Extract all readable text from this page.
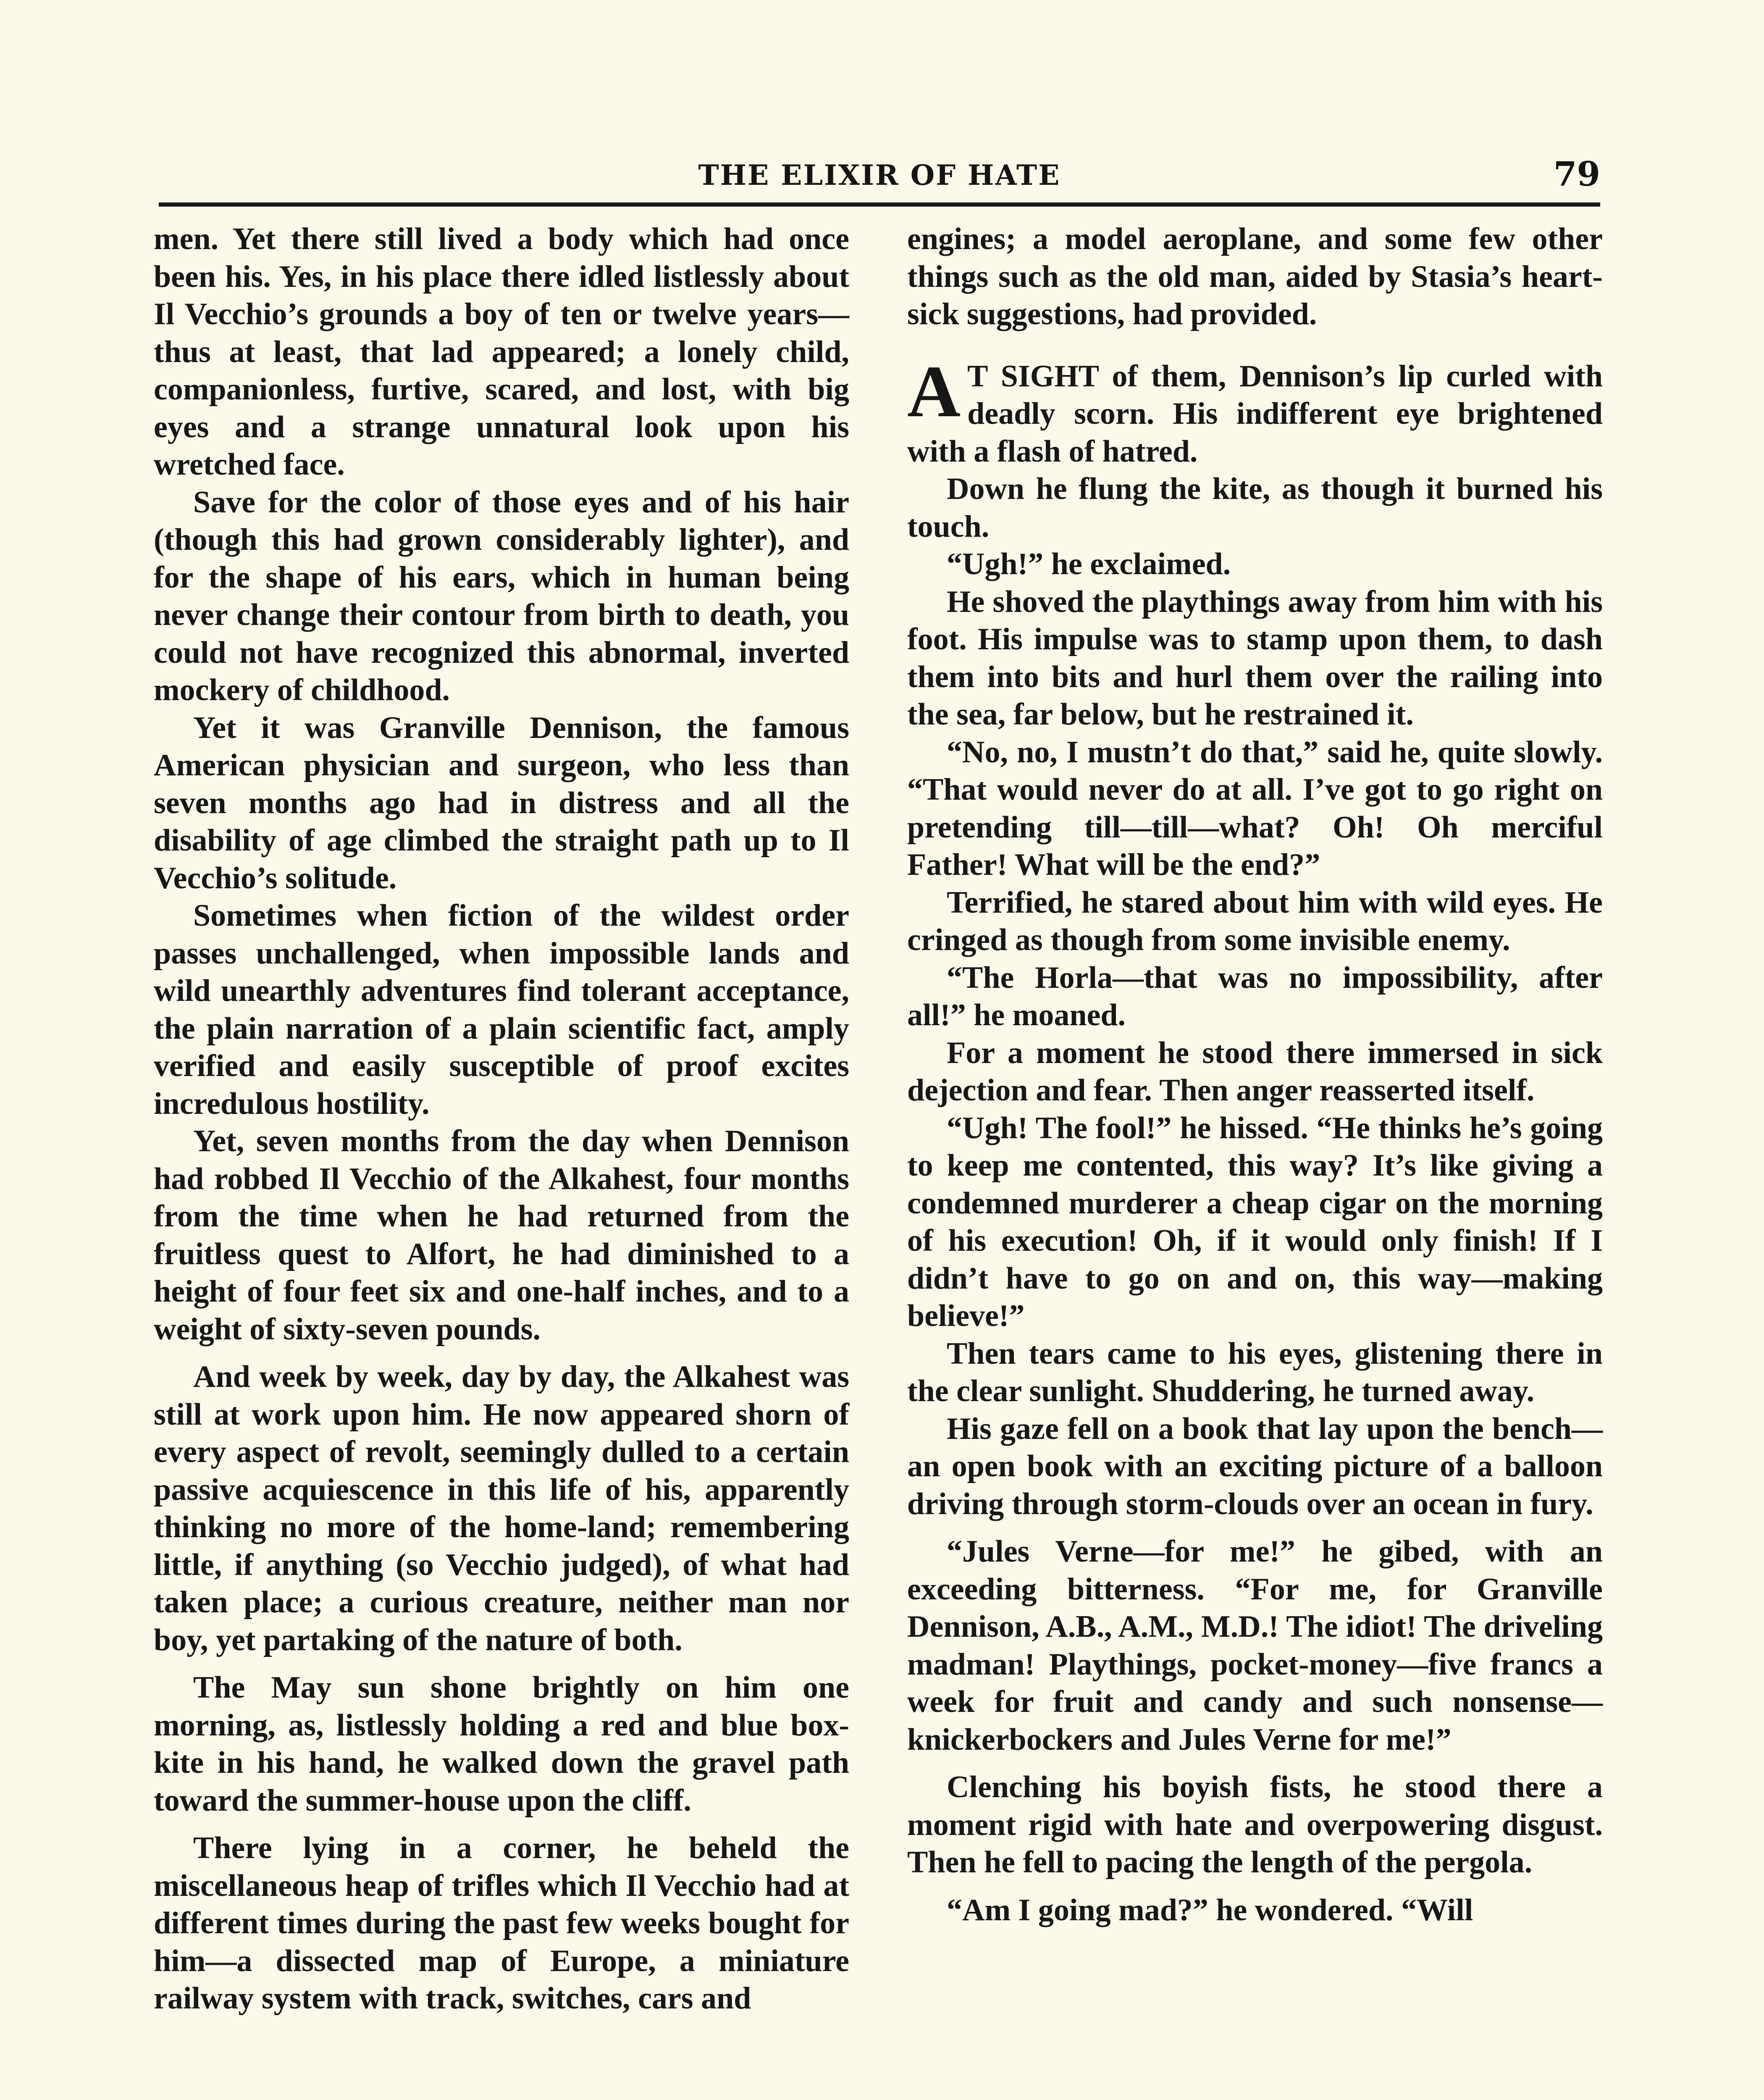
THE ELIXIR OF HATE	79

men. Yet there still lived a body which had once been his. Yes, in his place there idled listlessly about Il Vecchio’s grounds a boy of ten or twelve years—thus at least, that lad appeared; a lonely child, companionless, furtive, scared, and lost, with big eyes and a strange unnatural look upon his wretched face.

Save for the color of those eyes and of his hair (though this had grown considerably lighter), and for the shape of his ears, which in human being never change their contour from birth to death, you could not have recognized this abnormal, inverted mockery of childhood.

Yet it was Granville Dennison, the famous American physician and surgeon, who less than seven months ago had in distress and all the disability of age climbed the straight path up to Il Vecchio’s solitude.

Sometimes when fiction of the wildest order passes unchallenged, when impossible lands and wild unearthly adventures find tolerant acceptance, the plain narration of a plain scientific fact, amply verified and easily susceptible of proof excites incredulous hostility.

Yet, seven months from the day when Dennison had robbed Il Vecchio of the Alkahest, four months from the time when he had returned from the fruitless quest to Alfort, he had diminished to a height of four feet six and one-half inches, and to a weight of sixty-seven pounds.

And week by week, day by day, the Alkahest was still at work upon him. He now appeared shorn of every aspect of revolt, seemingly dulled to a certain passive acquiescence in this life of his, apparently thinking no more of the home-land; remembering little, if anything (so Vecchio judged), of what had taken place; a curious creature, neither man nor boy, yet partaking of the nature of both.

The May sun shone brightly on him one morning, as, listlessly holding a red and blue box-kite in his hand, he walked down the gravel path toward the summer-house upon the cliff.

There lying in a corner, he beheld the miscellaneous heap of trifles which Il Vecchio had at different times during the past few weeks bought for him—a dissected map of Europe, a miniature railway system with track, switches, cars and

engines; a model aeroplane, and some few other things such as the old man, aided by Stasia’s heart-sick suggestions, had provided.

A T SIGHT of them, Dennison’s lip curled with deadly scorn. His indifferent eye brightened with a flash of hatred.

Down he flung the kite, as though it burned his touch.

“Ugh!” he exclaimed.

He shoved the playthings away from him with his foot. His impulse was to stamp upon them, to dash them into bits and hurl them over the railing into the sea, far below, but he restrained it.

“No, no, I mustn’t do that,” said he, quite slowly. “That would never do at all. I’ve got to go right on pretending till—till—what? Oh! Oh merciful Father! What will be the end?”

Terrified, he stared about him with wild eyes. He cringed as though from some invisible enemy.

“The Horla—that was no impossibility, after all!” he moaned.

For a moment he stood there immersed in sick dejection and fear. Then anger reasserted itself.

“Ugh! The fool!” he hissed. “He thinks he’s going to keep me contented, this way? It’s like giving a condemned murderer a cheap cigar on the morning of his execution! Oh, if it would only finish! If I didn’t have to go on and on, this way—making believe!”

Then tears came to his eyes, glistening there in the clear sunlight. Shuddering, he turned away.

His gaze fell on a book that lay upon the bench—an open book with an exciting picture of a balloon driving through storm-clouds over an ocean in fury.

“Jules Verne—for me!” he gibed, with an exceeding bitterness. “For me, for Granville Dennison, A.B., A.M., M.D.! The idiot! The driveling madman! Playthings, pocket-money—five francs a week for fruit and candy and such nonsense—knickerbockers and Jules Verne for me!”

Clenching his boyish fists, he stood there a moment rigid with hate and overpowering disgust. Then he fell to pacing the length of the pergola.

“Am I going mad?” he wondered. “Will
